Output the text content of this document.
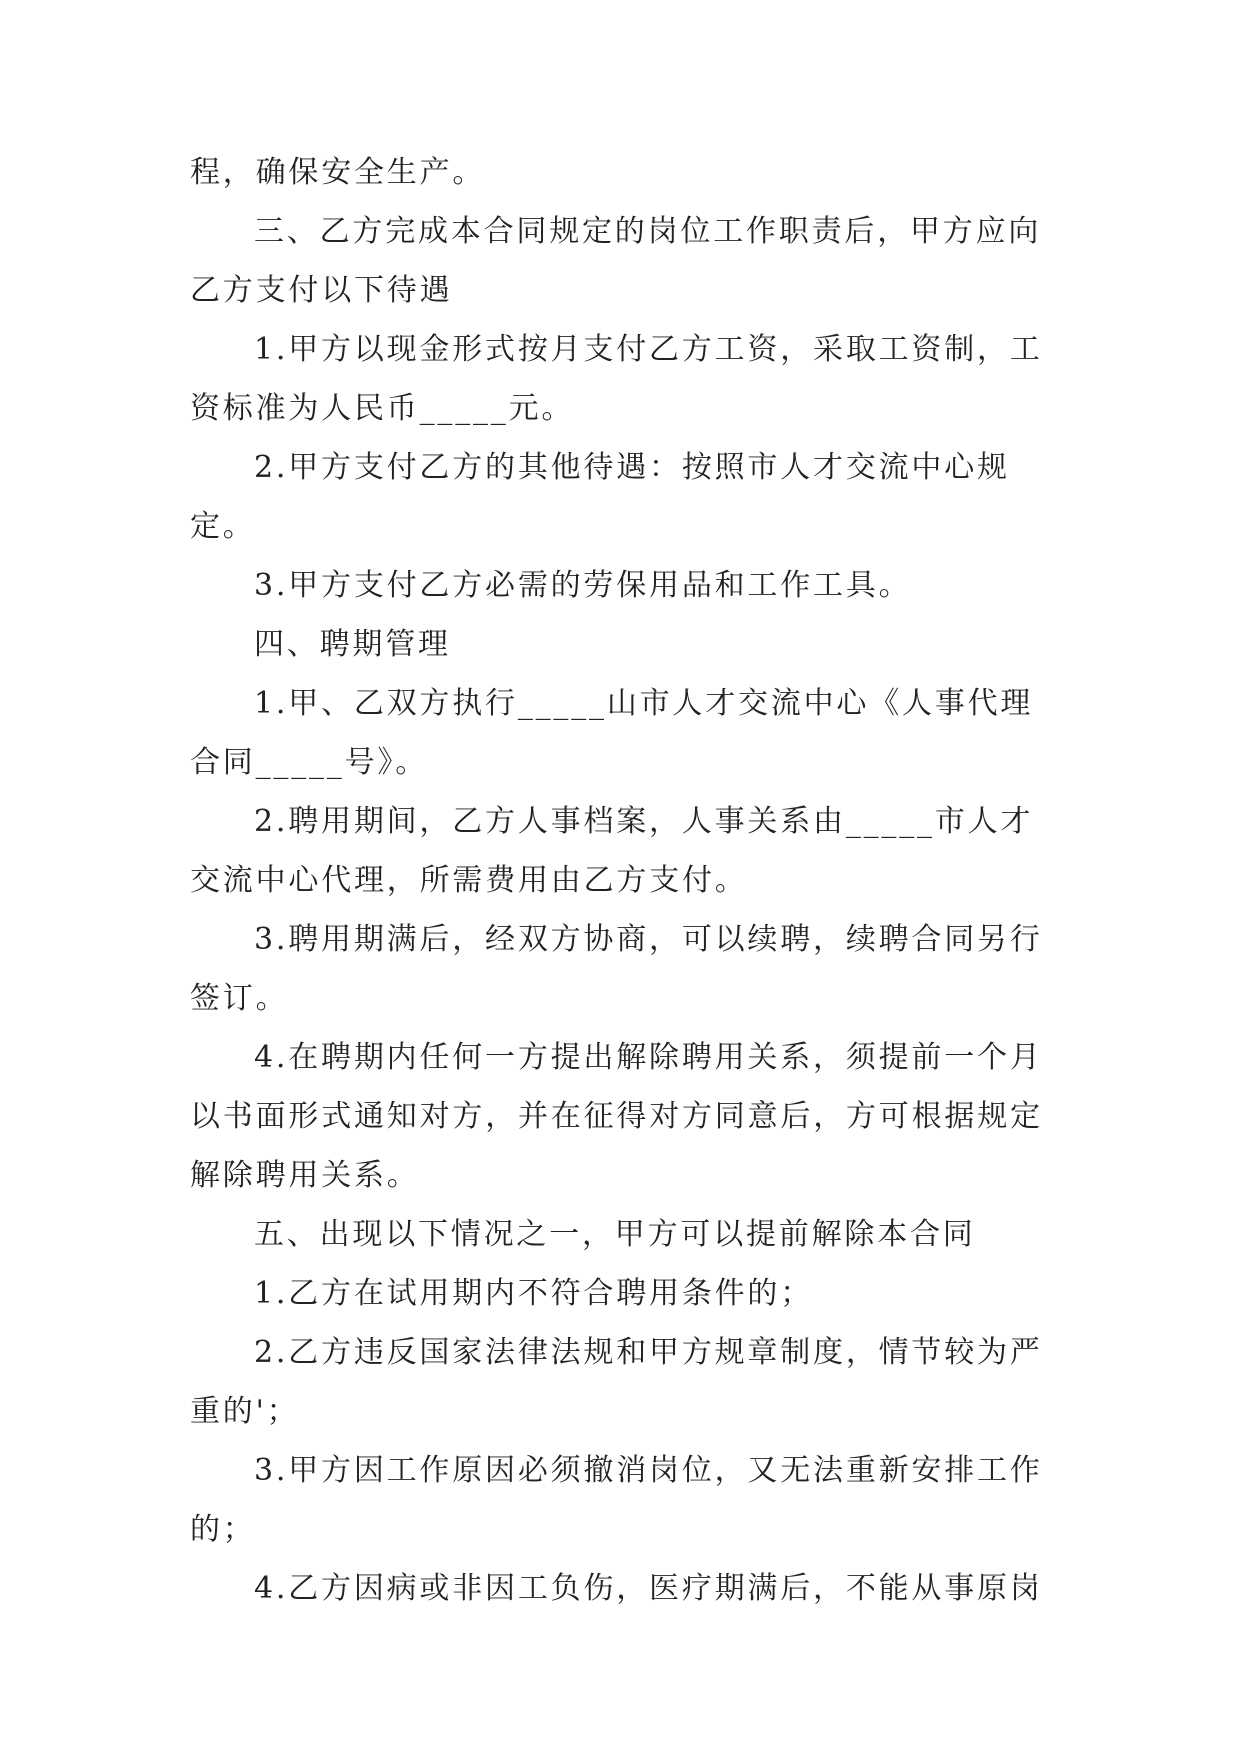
程，确保安全生产。

三、乙方完成本合同规定的岗位工作职责后，甲方应向乙方支付以下待遇

1.甲方以现金形式按月支付乙方工资，采取工资制，工资标准为人民币_____元。

2.甲方支付乙方的其他待遇：按照市人才交流中心规定。

3.甲方支付乙方必需的劳保用品和工作工具。

四、聘期管理

1.甲、乙双方执行_____山市人才交流中心《人事代理合同_____号》。

2.聘用期间，乙方人事档案，人事关系由_____市人才交流中心代理，所需费用由乙方支付。

3.聘用期满后，经双方协商，可以续聘，续聘合同另行签订。

4.在聘期内任何一方提出解除聘用关系，须提前一个月以书面形式通知对方，并在征得对方同意后，方可根据规定解除聘用关系。

五、出现以下情况之一，甲方可以提前解除本合同

1.乙方在试用期内不符合聘用条件的；

2.乙方违反国家法律法规和甲方规章制度，情节较为严重的'；

3.甲方因工作原因必须撤消岗位，又无法重新安排工作的；

4.乙方因病或非因工负伤，医疗期满后，不能从事原岗
